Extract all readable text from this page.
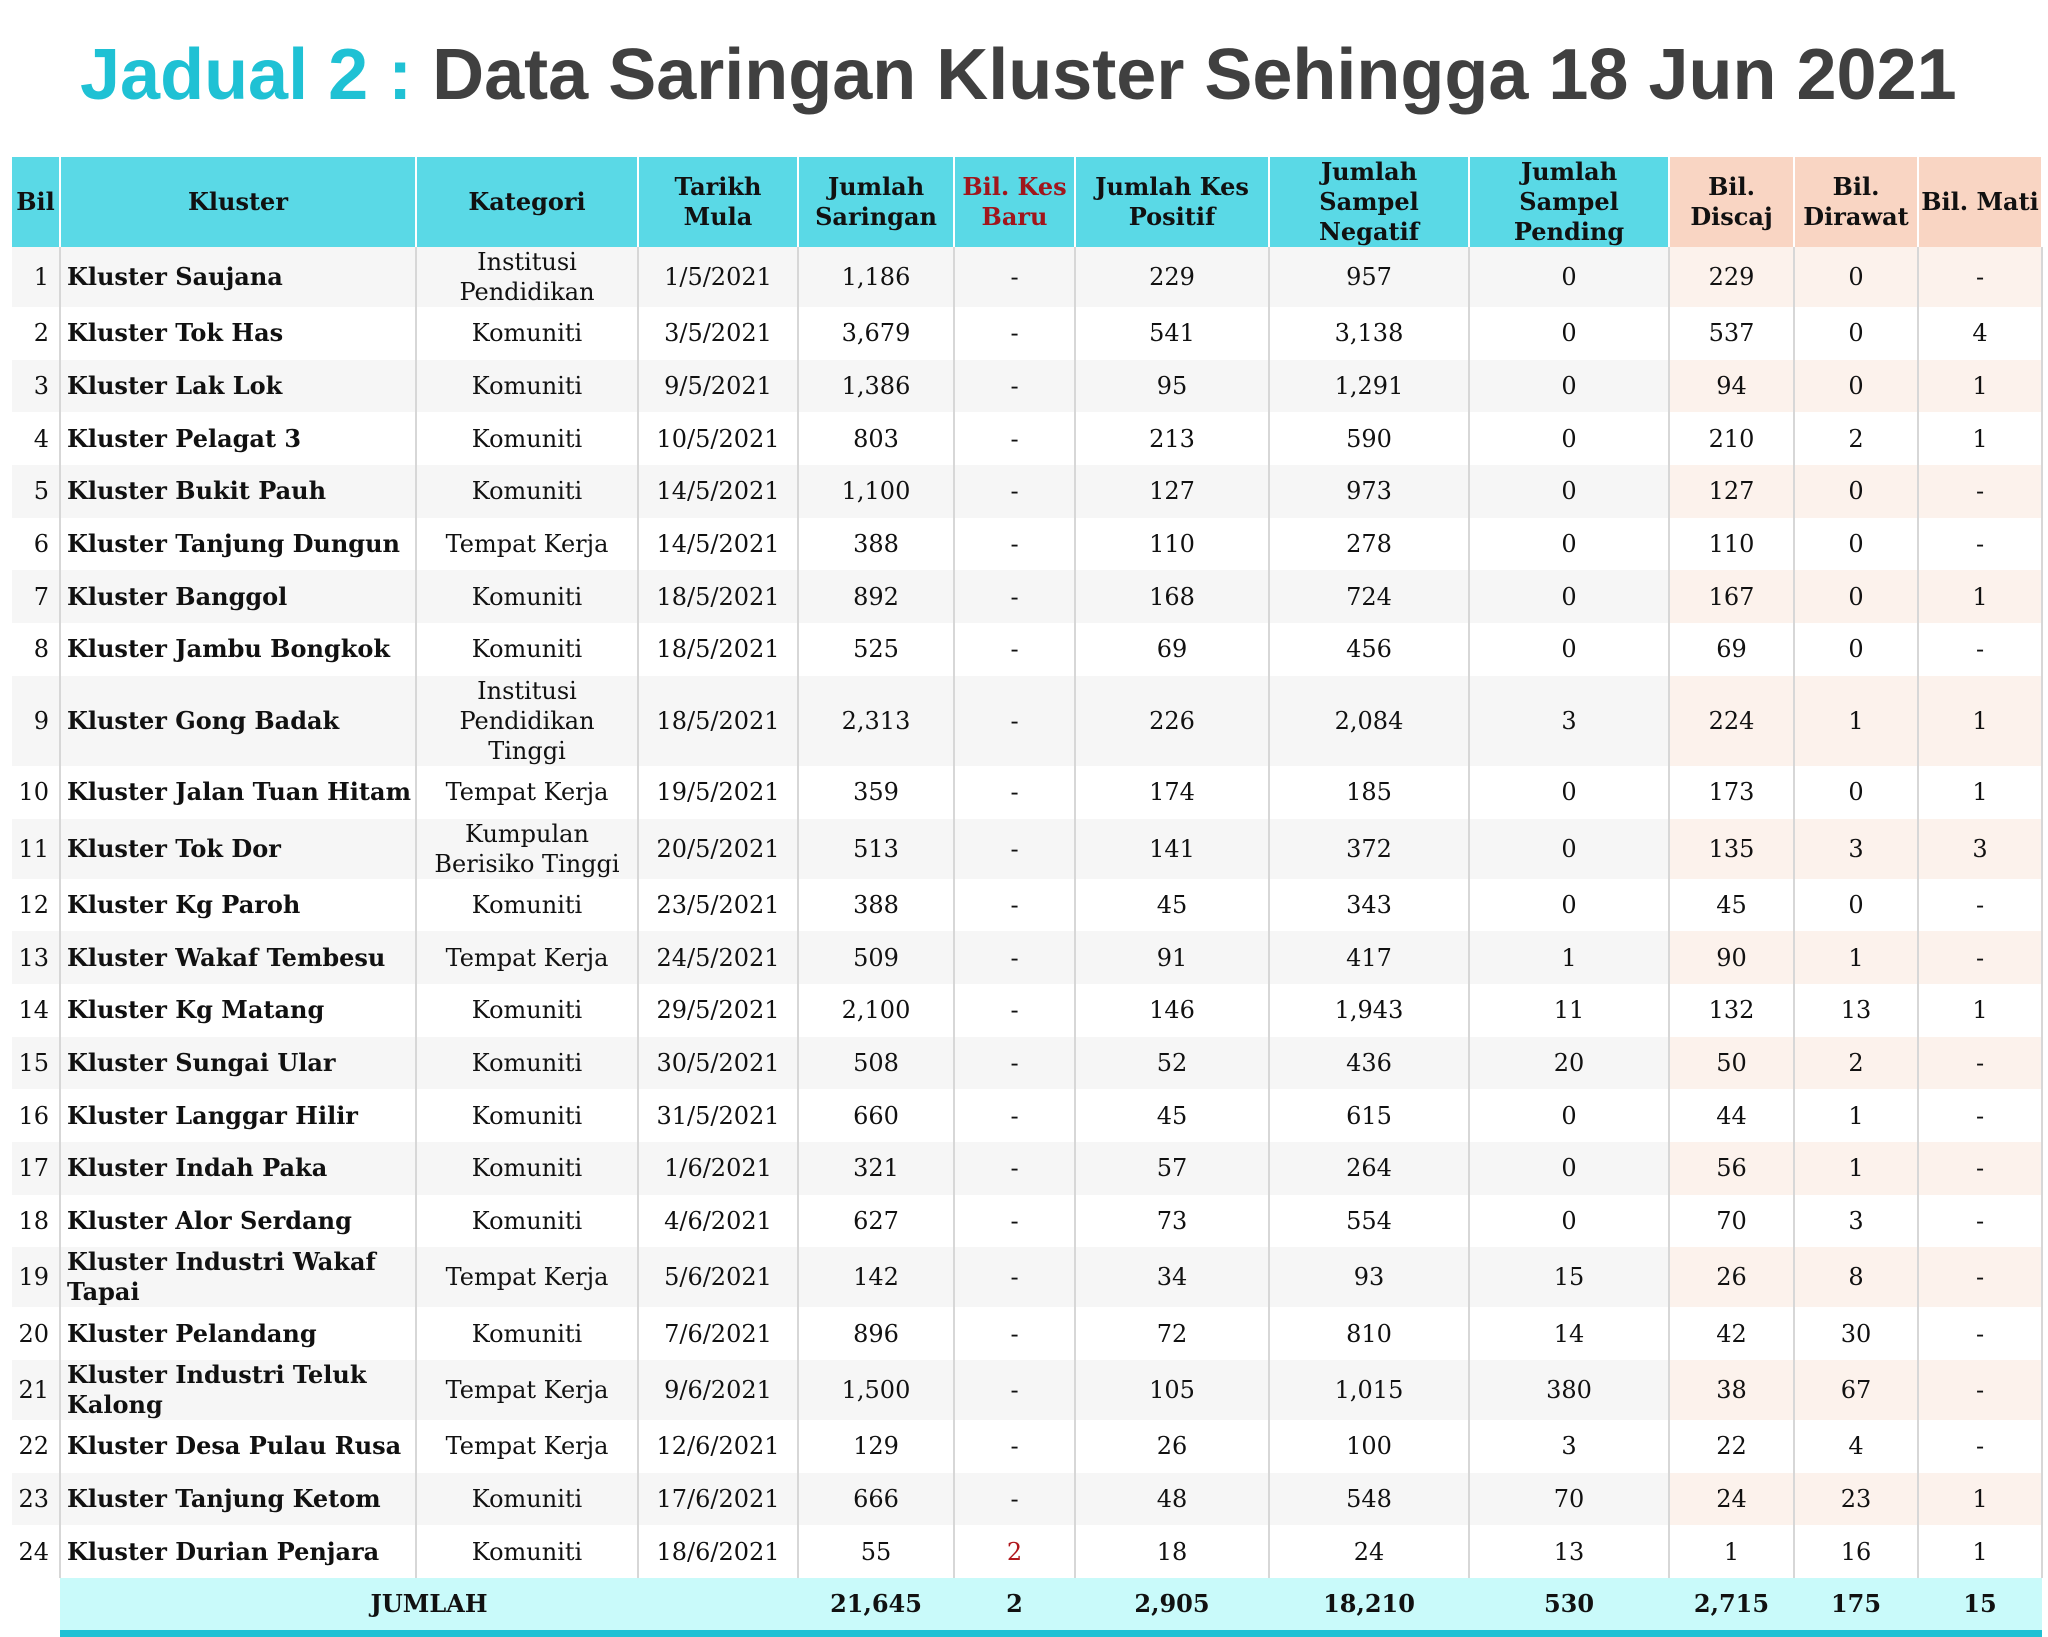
Jadual 2 : Data Saringan Kluster Sehingga 18 Jun 2021
Bil	Kluster	Kategori	Tarikh Mula	Jumlah Saringan	Bil. Kes Baru	Jumlah Kes Positif	Jumlah Sampel Negatif	Jumlah Sampel Pending	Bil. Discaj	Bil. Dirawat	Bil. Mati
1	Kluster Saujana	Institusi Pendidikan	1/5/2021	1,186	-	229	957	0	229	0	-
2	Kluster Tok Has	Komuniti	3/5/2021	3,679	-	541	3,138	0	537	0	4
3	Kluster Lak Lok	Komuniti	9/5/2021	1,386	-	95	1,291	0	94	0	1
4	Kluster Pelagat 3	Komuniti	10/5/2021	803	-	213	590	0	210	2	1
5	Kluster Bukit Pauh	Komuniti	14/5/2021	1,100	-	127	973	0	127	0	-
6	Kluster Tanjung Dungun	Tempat Kerja	14/5/2021	388	-	110	278	0	110	0	-
7	Kluster Banggol	Komuniti	18/5/2021	892	-	168	724	0	167	0	1
8	Kluster Jambu Bongkok	Komuniti	18/5/2021	525	-	69	456	0	69	0	-
9	Kluster Gong Badak	Institusi Pendidikan Tinggi	18/5/2021	2,313	-	226	2,084	3	224	1	1
10	Kluster Jalan Tuan Hitam	Tempat Kerja	19/5/2021	359	-	174	185	0	173	0	1
11	Kluster Tok Dor	Kumpulan Berisiko Tinggi	20/5/2021	513	-	141	372	0	135	3	3
12	Kluster Kg Paroh	Komuniti	23/5/2021	388	-	45	343	0	45	0	-
13	Kluster Wakaf Tembesu	Tempat Kerja	24/5/2021	509	-	91	417	1	90	1	-
14	Kluster Kg Matang	Komuniti	29/5/2021	2,100	-	146	1,943	11	132	13	1
15	Kluster Sungai Ular	Komuniti	30/5/2021	508	-	52	436	20	50	2	-
16	Kluster Langgar Hilir	Komuniti	31/5/2021	660	-	45	615	0	44	1	-
17	Kluster Indah Paka	Komuniti	1/6/2021	321	-	57	264	0	56	1	-
18	Kluster Alor Serdang	Komuniti	4/6/2021	627	-	73	554	0	70	3	-
19	Kluster Industri Wakaf Tapai	Tempat Kerja	5/6/2021	142	-	34	93	15	26	8	-
20	Kluster Pelandang	Komuniti	7/6/2021	896	-	72	810	14	42	30	-
21	Kluster Industri Teluk Kalong	Tempat Kerja	9/6/2021	1,500	-	105	1,015	380	38	67	-
22	Kluster Desa Pulau Rusa	Tempat Kerja	12/6/2021	129	-	26	100	3	22	4	-
23	Kluster Tanjung Ketom	Komuniti	17/6/2021	666	-	48	548	70	24	23	1
24	Kluster Durian Penjara	Komuniti	18/6/2021	55	2	18	24	13	1	16	1
	JUMLAH			21,645	2	2,905	18,210	530	2,715	175	15
